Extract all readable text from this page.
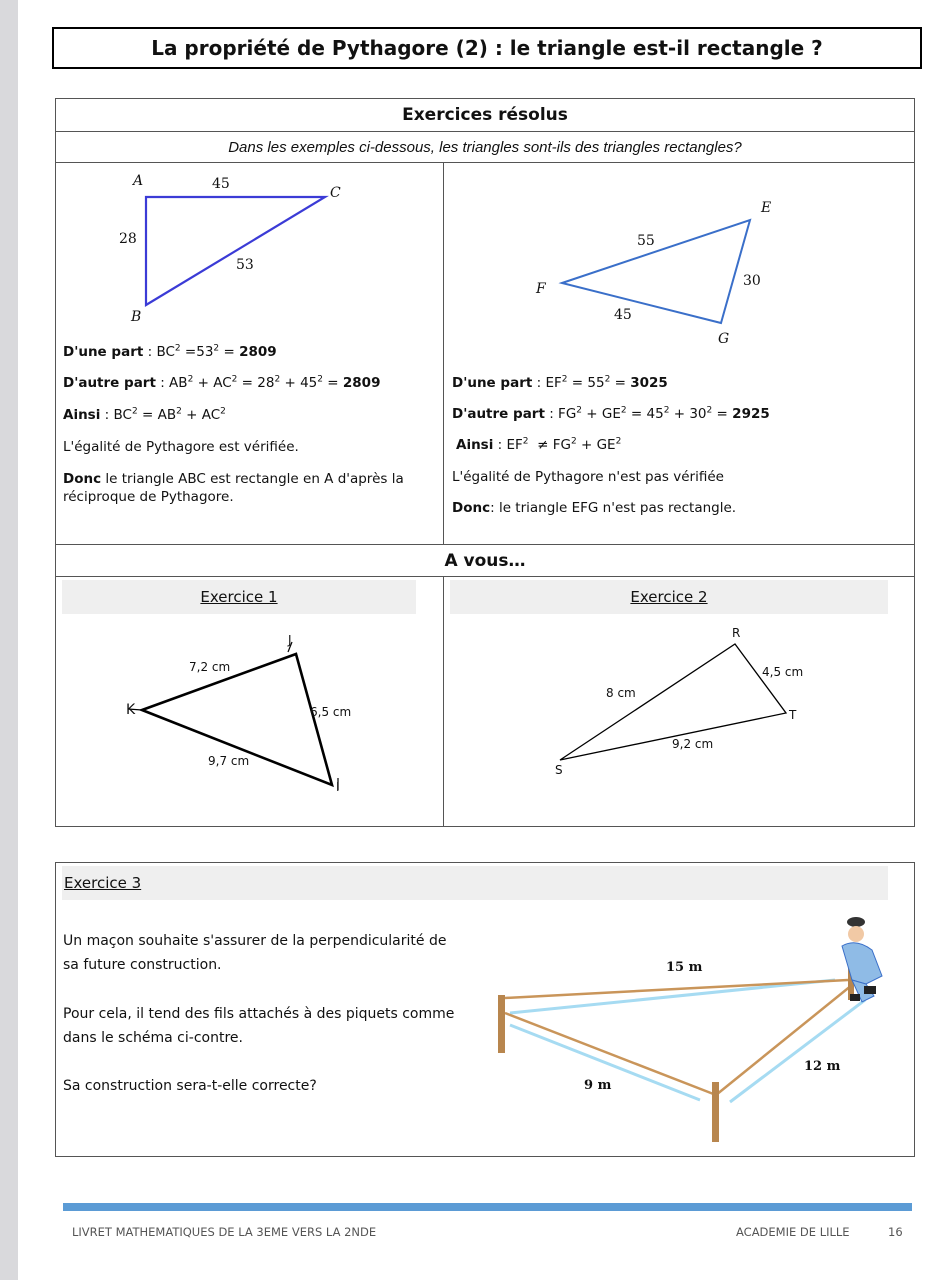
La propriété de Pythagore (2) : le triangle est-il rectangle ?
Exercices résolus
Dans les exemples ci-dessous, les triangles sont-ils des triangles rectangles?
A	45
C
28
53
B
E
55
30
F
45
G
D'une part : $BC^2 =53^2 = 2809$
D'autre part : $AB^2 + AC^2 = 28^2 + 45^2 = 2809$
Ainsi : $BC^2 = AB^2 + AC^2$
L'égalité de Pythagore est vérifiée.
Donc le triangle ABC est rectangle en A d'après la réciproque de Pythagore.
D'une part : $EF^2 = 55^2 = 3025$
D'autre part : $FG^2 + GE^2 = 45^2 + 30^2 = 2925$
Ainsi : $EF^2 \ne FG^2 + GE^2$
L'égalité de Pythagore n'est pas vérifiée
Donc: le triangle EFG n'est pas rectangle.
A vous…
Exercice 1	Exercice 2
J
7,2 cm
K	6,5 cm
9,7 cm
I
R
4,5 cm
8 cm
T
9,2 cm
S
Exercice 3
Un maçon souhaite s'assurer de la perpendicularité de sa future construction.
Pour cela, il tend des fils attachés à des piquets comme dans le schéma ci-contre.
Sa construction sera-t-elle correcte?
15 m
12 m
9 m
LIVRET MATHEMATIQUES DE LA 3EME VERS LA 2NDE	ACADEMIE DE LILLE	16
